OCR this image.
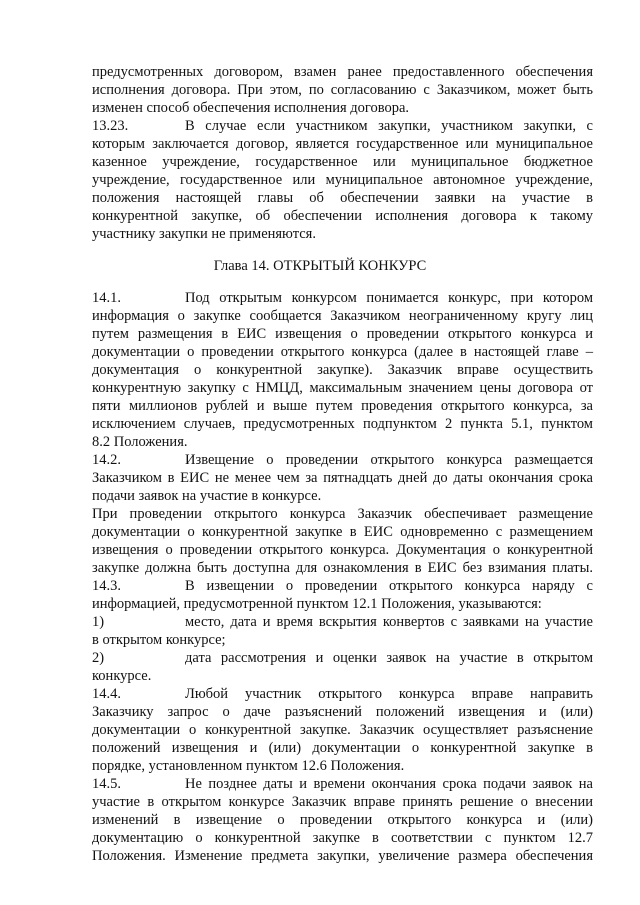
предусмотренных договором, взамен ранее предоставленного обеспечения
исполнения договора. При этом, по согласованию с Заказчиком, может быть
изменен способ обеспечения исполнения договора.
13.23.	В случае если участником закупки, участником закупки, с
которым заключается договор, является государственное или муниципальное
казенное учреждение, государственное или муниципальное бюджетное
учреждение, государственное или муниципальное автономное учреждение,
положения настоящей главы об обеспечении заявки на участие в
конкурентной закупке, об обеспечении исполнения договора к такому
участнику закупки не применяются.
Глава 14. ОТКРЫТЫЙ КОНКУРС
14.1.	Под открытым конкурсом понимается конкурс, при котором
информация о закупке сообщается Заказчиком неограниченному кругу лиц
путем размещения в ЕИС извещения о проведении открытого конкурса и
документации о проведении открытого конкурса (далее в настоящей главе –
документация о конкурентной закупке). Заказчик вправе осуществить
конкурентную закупку с НМЦД, максимальным значением цены договора от
пяти миллионов рублей и выше путем проведения открытого конкурса, за
исключением случаев, предусмотренных подпунктом 2 пункта 5.1, пунктом
8.2 Положения.
14.2.	Извещение о проведении открытого конкурса размещается
Заказчиком в ЕИС не менее чем за пятнадцать дней до даты окончания срока
подачи заявок на участие в конкурсе.
При проведении открытого конкурса Заказчик обеспечивает размещение
документации о конкурентной закупке в ЕИС одновременно с размещением
извещения о проведении открытого конкурса. Документация о конкурентной
закупке должна быть доступна для ознакомления в ЕИС без взимания платы.
14.3.	В извещении о проведении открытого конкурса наряду с
информацией, предусмотренной пунктом 12.1 Положения, указываются:
1)	место, дата и время вскрытия конвертов с заявками на участие
в открытом конкурсе;
2)	дата рассмотрения и оценки заявок на участие в открытом
конкурсе.
14.4.	Любой участник открытого конкурса вправе направить
Заказчику запрос о даче разъяснений положений извещения и (или)
документации о конкурентной закупке. Заказчик осуществляет разъяснение
положений извещения и (или) документации о конкурентной закупке в
порядке, установленном пунктом 12.6 Положения.
14.5.	Не позднее даты и времени окончания срока подачи заявок на
участие в открытом конкурсе Заказчик вправе принять решение о внесении
изменений в извещение о проведении открытого конкурса и (или)
документацию о конкурентной закупке в соответствии с пунктом 12.7
Положения. Изменение предмета закупки, увеличение размера обеспечения
